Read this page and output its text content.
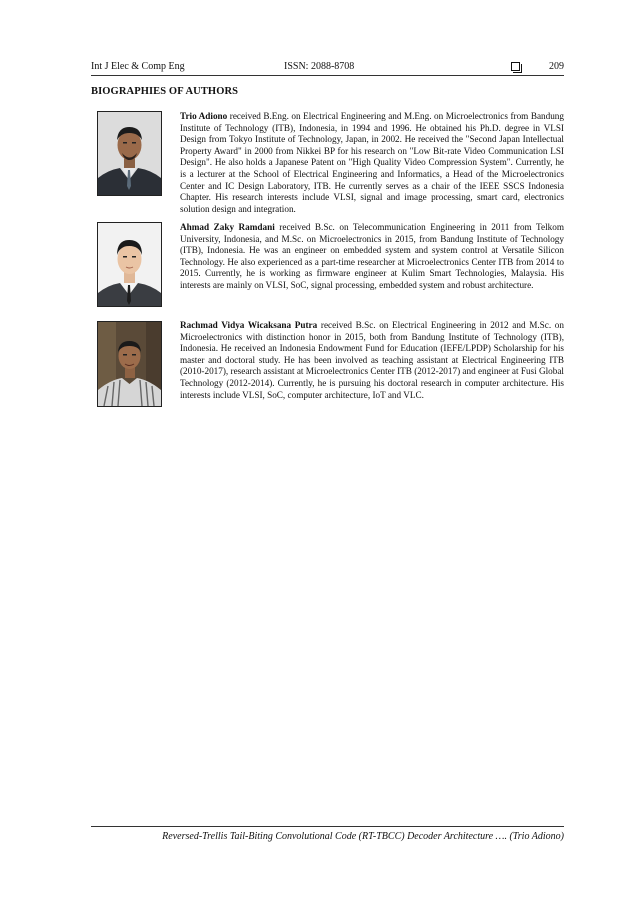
Int J Elec & Comp Eng	ISSN: 2088-8708	209
BIOGRAPHIES OF AUTHORS

Trio Adiono received B.Eng. on Electrical Engineering and M.Eng. on Microelectronics from Bandung Institute of Technology (ITB), Indonesia, in 1994 and 1996. He obtained his Ph.D. degree in VLSI Design from Tokyo Institute of Technology, Japan, in 2002. He received the "Second Japan Intellectual Property Award" in 2000 from Nikkei BP for his research on "Low Bit-rate Video Communication LSI Design". He also holds a Japanese Patent on "High Quality Video Compression System". Currently, he is a lecturer at the School of Electrical Engineering and Informatics, a Head of the Microelectronics Center and IC Design Laboratory, ITB. He currently serves as a chair of the IEEE SSCS Indonesia Chapter. His research interests include VLSI, signal and image processing, smart card, electronics solution design and integration.

Ahmad Zaky Ramdani received B.Sc. on Telecommunication Engineering in 2011 from Telkom University, Indonesia, and M.Sc. on Microelectronics in 2015, from Bandung Institute of Technology (ITB), Indonesia. He was an engineer on embedded system and system control at Versatile Silicon Technology. He also experienced as a part-time researcher at Microelectronics Center ITB from 2014 to 2015. Currently, he is working as firmware engineer at Kulim Smart Technologies, Malaysia. His interests are mainly on VLSI, SoC, signal processing, embedded system and robust architecture.

Rachmad Vidya Wicaksana Putra received B.Sc. on Electrical Engineering in 2012 and M.Sc. on Microelectronics with distinction honor in 2015, both from Bandung Institute of Technology (ITB), Indonesia. He received an Indonesia Endowment Fund for Education (IEFE/LPDP) Scholarship for his master and doctoral study. He has been involved as teaching assistant at Electrical Engineering ITB (2010-2017), research assistant at Microelectronics Center ITB (2012-2017) and engineer at Fusi Global Technology (2012-2014). Currently, he is pursuing his doctoral research in computer architecture. His interests include VLSI, SoC, computer architecture, IoT and VLC.

Reversed-Trellis Tail-Biting Convolutional Code (RT-TBCC) Decoder Architecture …. (Trio Adiono)
